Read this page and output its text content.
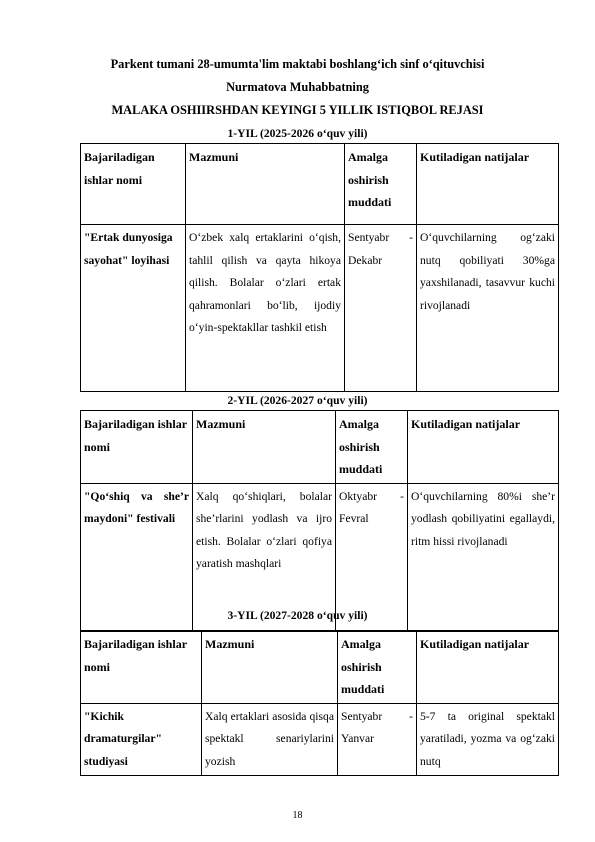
Parkent tumani 28-umumta'lim maktabi boshlang‘ich sinf o‘qituvchisi
Nurmatova Muhabbatning
MALAKA OSHIIRSHDAN KEYINGI 5 YILLIK ISTIQBOL REJASI
1-YIL (2025-2026 o‘quv yili)
Bajariladigan ishlar nomi	Mazmuni	Amalga oshirish muddati	Kutiladigan natijalar
"Ertak dunyosiga sayohat" loyihasi	O‘zbek xalq ertaklarini o‘qish, tahlil qilish va qayta hikoya qilish. Bolalar o‘zlari ertak qahramonlari bo‘lib, ijodiy o‘yin-spektakllar tashkil etish	Sentyabr - Dekabr	O‘quvchilarning og‘zaki nutq qobiliyati 30%ga yaxshilanadi, tasavvur kuchi rivojlanadi
2-YIL (2026-2027 o‘quv yili)
Bajariladigan ishlar nomi	Mazmuni	Amalga oshirish muddati	Kutiladigan natijalar
"Qo‘shiq va she’r maydoni" festivali	Xalq qo‘shiqlari, bolalar she’rlarini yodlash va ijro etish. Bolalar o‘zlari qofiya yaratish mashqlari	Oktyabr - Fevral	O‘quvchilarning 80%i she’r yodlash qobiliyatini egallaydi, ritm hissi rivojlanadi
3-YIL (2027-2028 o‘quv yili)
Bajariladigan ishlar nomi	Mazmuni	Amalga oshirish muddati	Kutiladigan natijalar
"Kichik dramaturgilar" studiyasi	Xalq ertaklari asosida qisqa spektakl senariylarini yozish	Sentyabr - Yanvar	5-7 ta original spektakl yaratiladi, yozma va og‘zaki nutq
18
